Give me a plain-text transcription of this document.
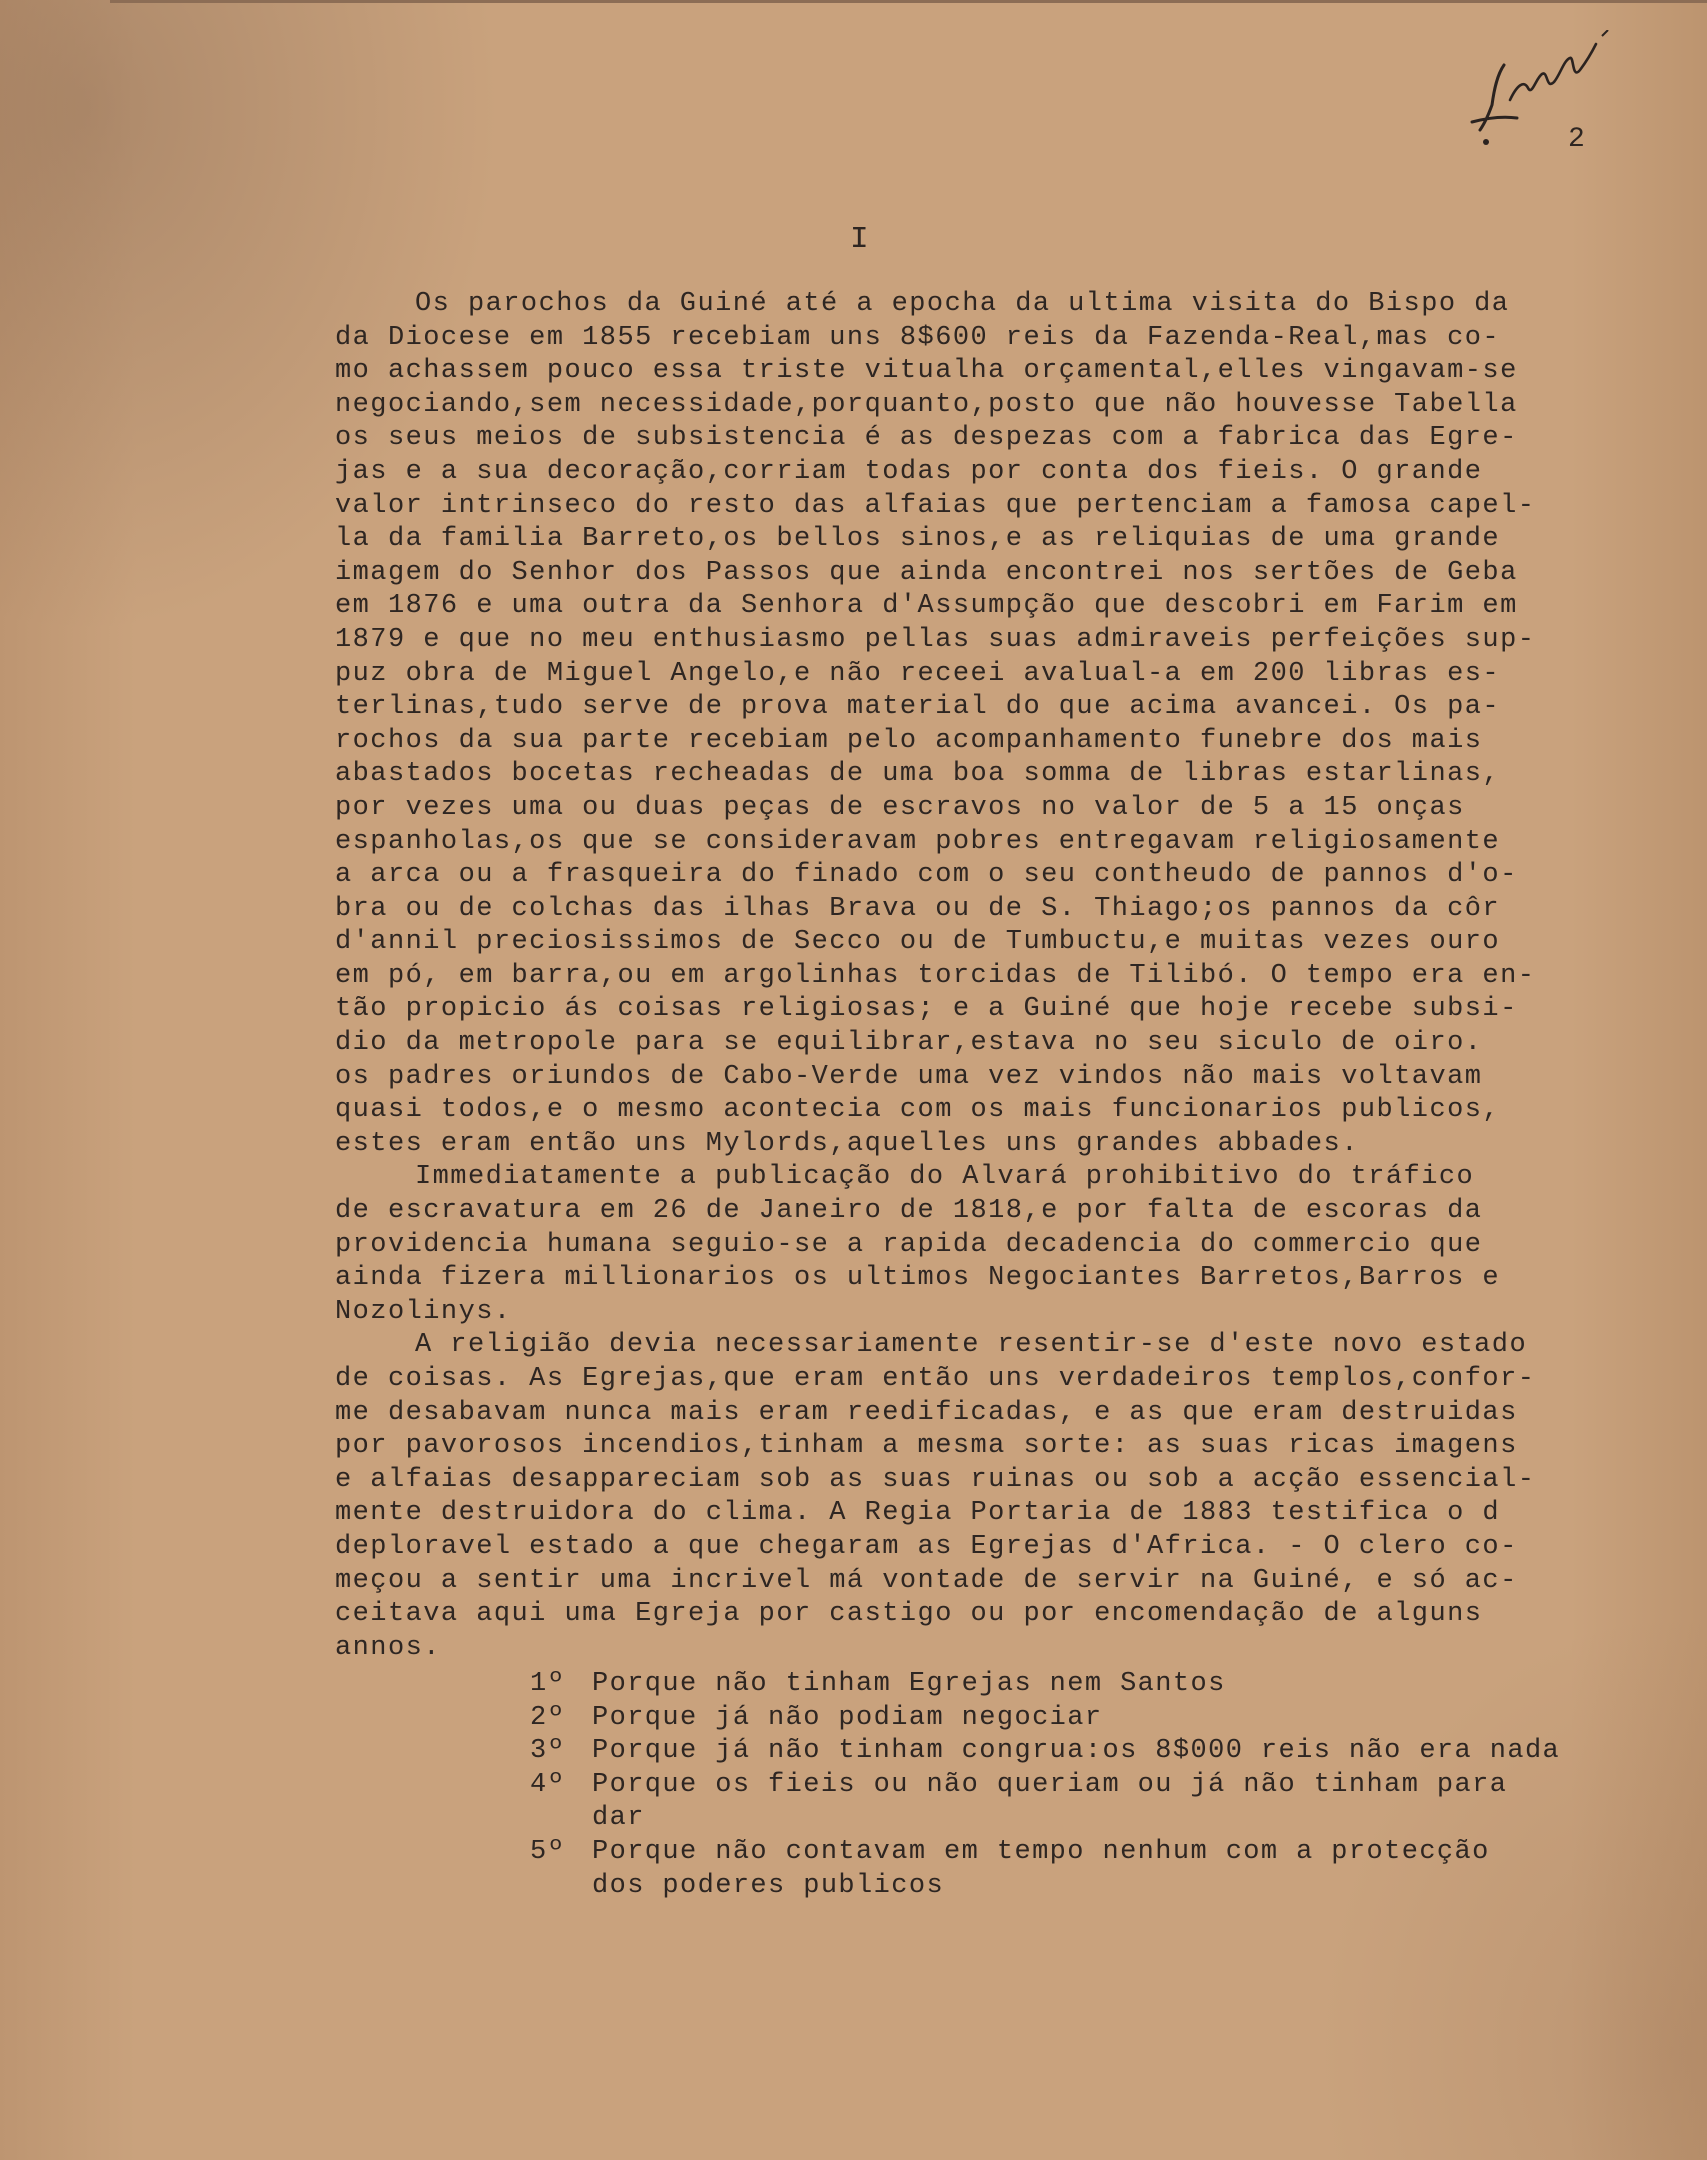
2
I
Os parochos da Guiné até a epocha da ultima visita do Bispo da
da Diocese em 1855 recebiam uns 8$600 reis da Fazenda-Real,mas co-
mo achassem pouco essa triste vitualha orçamental,elles vingavam-se
negociando,sem necessidade,porquanto,posto que não houvesse Tabella
os seus meios de subsistencia é as despezas com a fabrica das Egre-
jas e a sua decoração,corriam todas por conta dos fieis. O grande
valor intrinseco do resto das alfaias que pertenciam a famosa capel-
la da familia Barreto,os bellos sinos,e as reliquias de uma grande
imagem do Senhor dos Passos que ainda encontrei nos sertões de Geba
em 1876 e uma outra da Senhora d'Assumpção que descobri em Farim em
1879 e que no meu enthusiasmo pellas suas admiraveis perfeições sup-
puz obra de Miguel Angelo,e não receei avalual-a em 200 libras es-
terlinas,tudo serve de prova material do que acima avancei. Os pa-
rochos da sua parte recebiam pelo acompanhamento funebre dos mais
abastados bocetas recheadas de uma boa somma de libras estarlinas,
por vezes uma ou duas peças de escravos no valor de 5 a 15 onças
espanholas,os que se consideravam pobres entregavam religiosamente
a arca ou a frasqueira do finado com o seu contheudo de pannos d'o-
bra ou de colchas das ilhas Brava ou de S. Thiago;os pannos da côr
d'annil preciosissimos de Secco ou de Tumbuctu,e muitas vezes ouro
em pó, em barra,ou em argolinhas torcidas de Tilibó. O tempo era en-
tão propicio ás coisas religiosas; e a Guiné que hoje recebe subsi-
dio da metropole para se equilibrar,estava no seu siculo de oiro.
os padres oriundos de Cabo-Verde uma vez vindos não mais voltavam
quasi todos,e o mesmo acontecia com os mais funcionarios publicos,
estes eram então uns Mylords,aquelles uns grandes abbades.
Immediatamente a publicação do Alvará prohibitivo do tráfico
de escravatura em 26 de Janeiro de 1818,e por falta de escoras da
providencia humana seguio-se a rapida decadencia do commercio que
ainda fizera millionarios os ultimos Negociantes Barretos,Barros e
Nozolinys.
A religião devia necessariamente resentir-se d'este novo estado
de coisas. As Egrejas,que eram então uns verdadeiros templos,confor-
me desabavam nunca mais eram reedificadas, e as que eram destruidas
por pavorosos incendios,tinham a mesma sorte: as suas ricas imagens
e alfaias desappareciam sob as suas ruinas ou sob a acção essencial-
mente destruidora do clima. A Regia Portaria de 1883 testifica o d
deploravel estado a que chegaram as Egrejas d'Africa. - O clero co-
meçou a sentir uma incrivel má vontade de servir na Guiné, e só ac-
ceitava aqui uma Egreja por castigo ou por encomendação de alguns
annos.
1º Porque não tinham Egrejas nem Santos
2º Porque já não podiam negociar
3º Porque já não tinham congrua:os 8$000 reis não era nada
4º Porque os fieis ou não queriam ou já não tinham para
dar
5º Porque não contavam em tempo nenhum com a protecção
dos poderes publicos
